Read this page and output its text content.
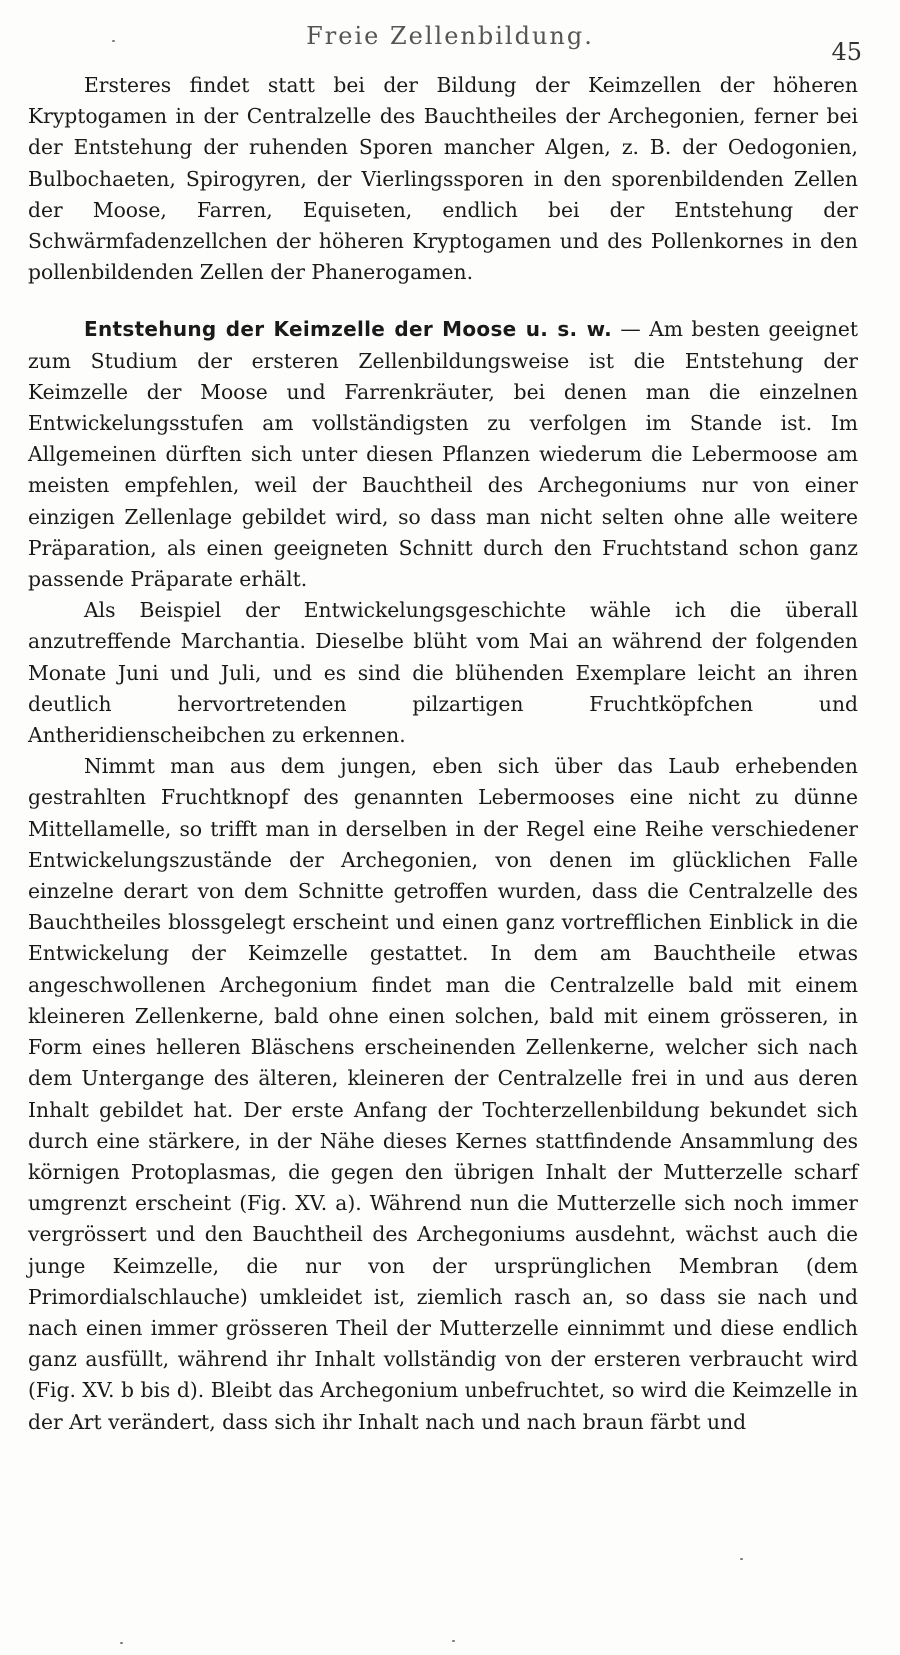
Freie Zellenbildung.
45

Ersteres findet statt bei der Bildung der Keimzellen der höheren Kryptogamen in der Centralzelle des Bauchtheiles der Archegonien, ferner bei der Entstehung der ruhenden Sporen mancher Algen, z. B. der Oedogonien, Bulbochaeten, Spirogyren, der Vierlingssporen in den sporenbildenden Zellen der Moose, Farren, Equiseten, endlich bei der Entstehung der Schwärmfadenzellchen der höheren Kryptogamen und des Pollenkornes in den pollenbildenden Zellen der Phanerogamen.

Entstehung der Keimzelle der Moose u. s. w. — Am besten geeignet zum Studium der ersteren Zellenbildungsweise ist die Entstehung der Keimzelle der Moose und Farrenkräuter, bei denen man die einzelnen Entwickelungsstufen am vollständigsten zu verfolgen im Stande ist. Im Allgemeinen dürften sich unter diesen Pflanzen wiederum die Lebermoose am meisten empfehlen, weil der Bauchtheil des Archegoniums nur von einer einzigen Zellenlage gebildet wird, so dass man nicht selten ohne alle weitere Präparation, als einen geeigneten Schnitt durch den Fruchtstand schon ganz passende Präparate erhält.

Als Beispiel der Entwickelungsgeschichte wähle ich die überall anzutreffende Marchantia. Dieselbe blüht vom Mai an während der folgenden Monate Juni und Juli, und es sind die blühenden Exemplare leicht an ihren deutlich hervortretenden pilzartigen Fruchtköpfchen und Antheridienscheibchen zu erkennen.

Nimmt man aus dem jungen, eben sich über das Laub erhebenden gestrahlten Fruchtknopf des genannten Lebermooses eine nicht zu dünne Mittellamelle, so trifft man in derselben in der Regel eine Reihe verschiedener Entwickelungszustände der Archegonien, von denen im glücklichen Falle einzelne derart von dem Schnitte getroffen wurden, dass die Centralzelle des Bauchtheiles blossgelegt erscheint und einen ganz vortrefflichen Einblick in die Entwickelung der Keimzelle gestattet. In dem am Bauchtheile etwas angeschwollenen Archegonium findet man die Centralzelle bald mit einem kleineren Zellenkerne, bald ohne einen solchen, bald mit einem grösseren, in Form eines helleren Bläschens erscheinenden Zellenkerne, welcher sich nach dem Untergange des älteren, kleineren der Centralzelle frei in und aus deren Inhalt gebildet hat. Der erste Anfang der Tochterzellenbildung bekundet sich durch eine stärkere, in der Nähe dieses Kernes stattfindende Ansammlung des körnigen Protoplasmas, die gegen den übrigen Inhalt der Mutterzelle scharf umgrenzt erscheint (Fig. XV. a). Während nun die Mutterzelle sich noch immer vergrössert und den Bauchtheil des Archegoniums ausdehnt, wächst auch die junge Keimzelle, die nur von der ursprünglichen Membran (dem Primordialschlauche) umkleidet ist, ziemlich rasch an, so dass sie nach und nach einen immer grösseren Theil der Mutterzelle einnimmt und diese endlich ganz ausfüllt, während ihr Inhalt vollständig von der ersteren verbraucht wird (Fig. XV. b bis d). Bleibt das Archegonium unbefruchtet, so wird die Keimzelle in der Art verändert, dass sich ihr Inhalt nach und nach braun färbt und
